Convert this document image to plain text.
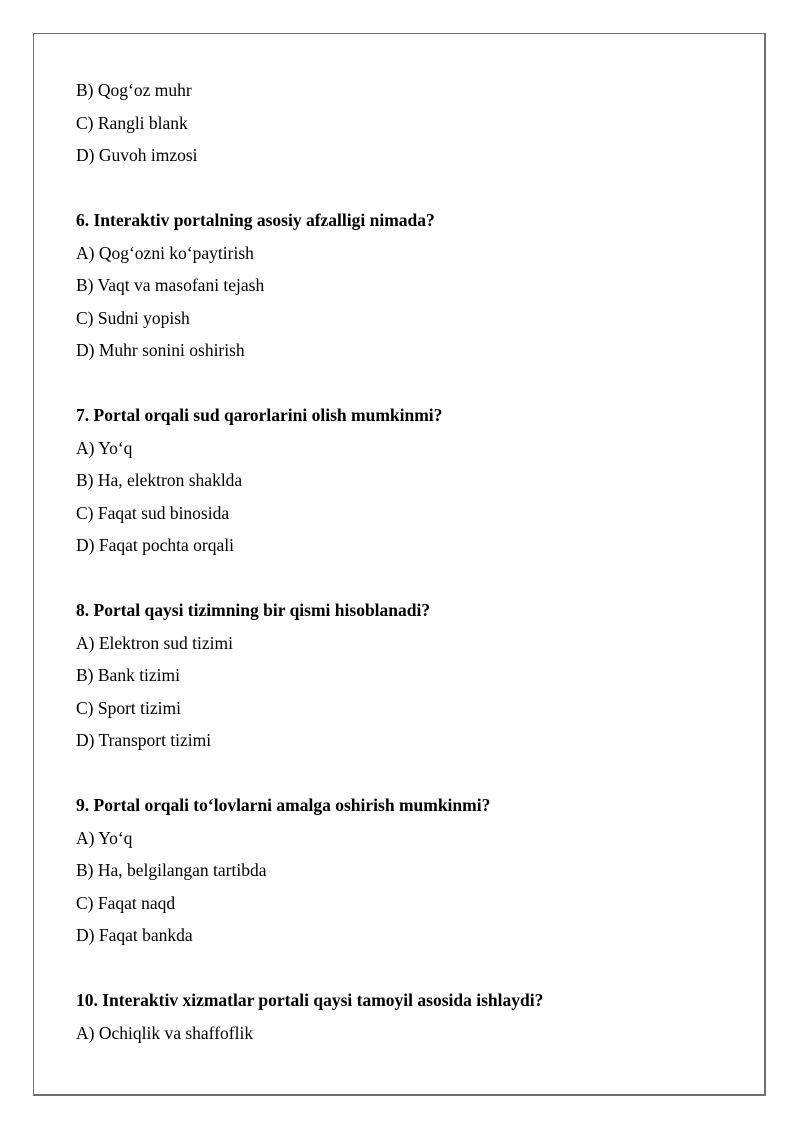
B) Qog‘oz muhr
C) Rangli blank
D) Guvoh imzosi
6. Interaktiv portalning asosiy afzalligi nimada?
A) Qog‘ozni ko‘paytirish
B) Vaqt va masofani tejash
C) Sudni yopish
D) Muhr sonini oshirish
7. Portal orqali sud qarorlarini olish mumkinmi?
A) Yo‘q
B) Ha, elektron shaklda
C) Faqat sud binosida
D) Faqat pochta orqali
8. Portal qaysi tizimning bir qismi hisoblanadi?
A) Elektron sud tizimi
B) Bank tizimi
C) Sport tizimi
D) Transport tizimi
9. Portal orqali to‘lovlarni amalga oshirish mumkinmi?
A) Yo‘q
B) Ha, belgilangan tartibda
C) Faqat naqd
D) Faqat bankda
10. Interaktiv xizmatlar portali qaysi tamoyil asosida ishlaydi?
A) Ochiqlik va shaffoflik
